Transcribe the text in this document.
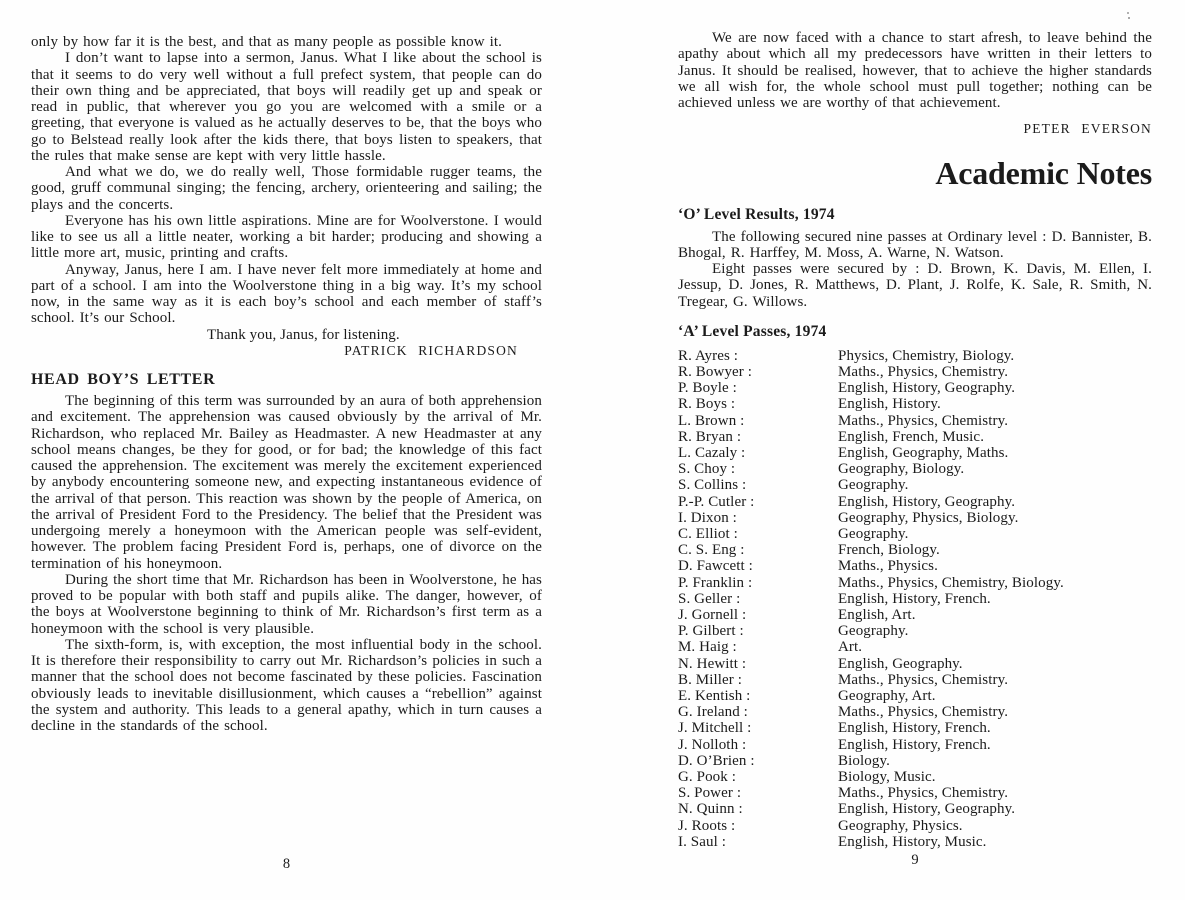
only by how far it is the best, and that as many people as possible know it.

I don’t want to lapse into a sermon, Janus. What I like about the school is that it seems to do very well without a full prefect system, that people can do their own thing and be appreciated, that boys will readily get up and speak or read in public, that wherever you go you are welcomed with a smile or a greeting, that everyone is valued as he actually deserves to be, that the boys who go to Belstead really look after the kids there, that boys listen to speakers, that the rules that make sense are kept with very little hassle.

And what we do, we do really well, Those formidable rugger teams, the good, gruff communal singing; the fencing, archery, orienteering and sailing; the plays and the concerts.

Everyone has his own little aspirations. Mine are for Woolverstone. I would like to see us all a little neater, working a bit harder; producing and showing a little more art, music, printing and crafts.

Anyway, Janus, here I am. I have never felt more immediately at home and part of a school. I am into the Woolverstone thing in a big way. It’s my school now, in the same way as it is each boy’s school and each member of staff’s school. It’s our School.

Thank you, Janus, for listening.

PATRICK RICHARDSON

HEAD BOY’S LETTER

The beginning of this term was surrounded by an aura of both apprehension and excitement. The apprehension was caused obviously by the arrival of Mr. Richardson, who replaced Mr. Bailey as Headmaster. A new Headmaster at any school means changes, be they for good, or for bad; the knowledge of this fact caused the apprehension. The excitement was merely the excitement experienced by anybody encountering someone new, and expecting instantaneous evidence of the arrival of that person. This reaction was shown by the people of America, on the arrival of President Ford to the Presidency. The belief that the President was undergoing merely a honeymoon with the American people was self-evident, however. The problem facing President Ford is, perhaps, one of divorce on the termination of his honeymoon.

During the short time that Mr. Richardson has been in Woolverstone, he has proved to be popular with both staff and pupils alike. The danger, however, of the boys at Woolverstone beginning to think of Mr. Richardson’s first term as a honeymoon with the school is very plausible.

The sixth-form, is, with exception, the most influential body in the school. It is therefore their responsibility to carry out Mr. Richardson’s policies in such a manner that the school does not become fascinated by these policies. Fascination obviously leads to inevitable disillusionment, which causes a “rebellion” against the system and authority. This leads to a general apathy, which in turn causes a decline in the standards of the school.

8

We are now faced with a chance to start afresh, to leave behind the apathy about which all my predecessors have written in their letters to Janus. It should be realised, however, that to achieve the higher standards we all wish for, the whole school must pull together; nothing can be achieved unless we are worthy of that achievement.

PETER EVERSON

Academic Notes
‘O’ Level Results, 1974

The following secured nine passes at Ordinary level : D. Bannister, B. Bhogal, R. Harffey, M. Moss, A. Warne, N. Watson.

Eight passes were secured by : D. Brown, K. Davis, M. Ellen, I. Jessup, D. Jones, R. Matthews, D. Plant, J. Rolfe, K. Sale, R. Smith, N. Tregear, G. Willows.

‘A’ Level Passes, 1974
R. Ayres :	Physics, Chemistry, Biology.
R. Bowyer :	Maths., Physics, Chemistry.
P. Boyle :	English, History, Geography.
R. Boys :	English, History.
L. Brown :	Maths., Physics, Chemistry.
R. Bryan :	English, French, Music.
L. Cazaly :	English, Geography, Maths.
S. Choy :	Geography, Biology.
S. Collins :	Geography.
P.-P. Cutler :	English, History, Geography.
I. Dixon :	Geography, Physics, Biology.
C. Elliot :	Geography.
C. S. Eng :	French, Biology.
D. Fawcett :	Maths., Physics.
P. Franklin :	Maths., Physics, Chemistry, Biology.
S. Geller :	English, History, French.
J. Gornell :	English, Art.
P. Gilbert :	Geography.
M. Haig :	Art.
N. Hewitt :	English, Geography.
B. Miller :	Maths., Physics, Chemistry.
E. Kentish :	Geography, Art.
G. Ireland :	Maths., Physics, Chemistry.
J. Mitchell :	English, History, French.
J. Nolloth :	English, History, French.
D. O’Brien :	Biology.
G. Pook :	Biology, Music.
S. Power :	Maths., Physics, Chemistry.
N. Quinn :	English, History, Geography.
J. Roots :	Geography, Physics.
I. Saul :	English, History, Music.
9
